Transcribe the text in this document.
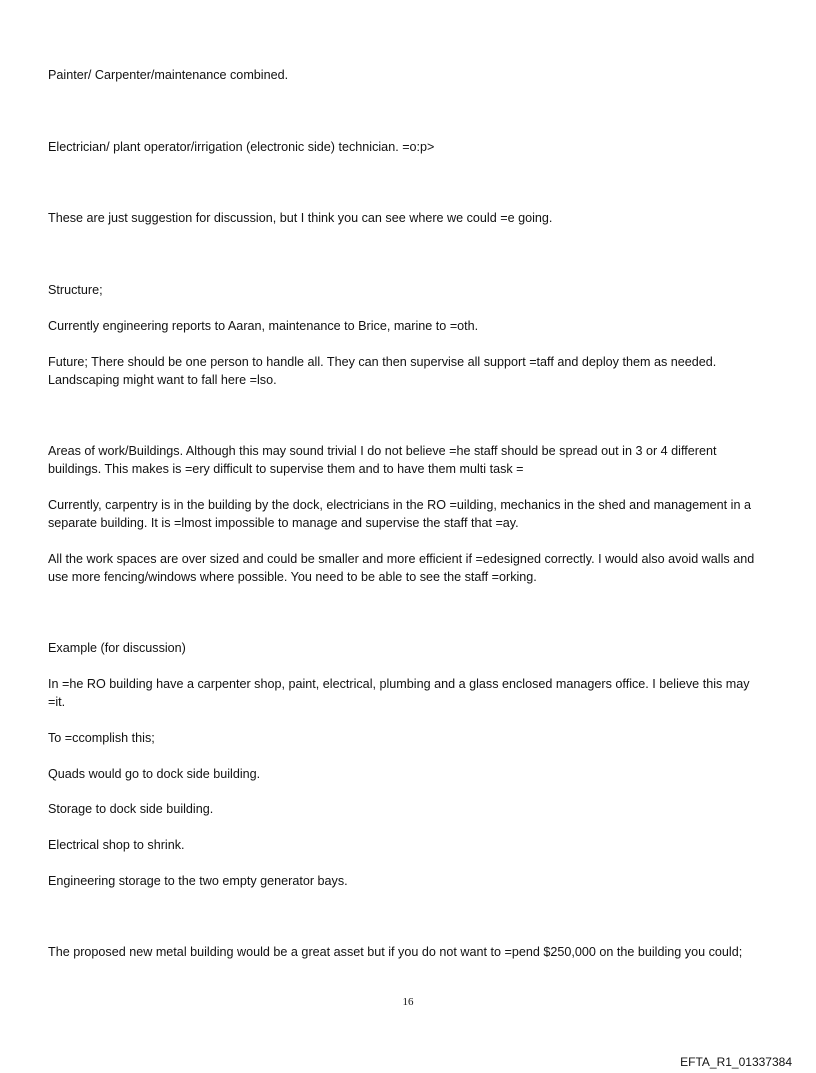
Painter/ Carpenter/maintenance combined.

Electrician/ plant operator/irrigation (electronic side) technician. =o:p>

These are just suggestion for discussion, but I think you can see where we could =e going.

Structure;

Currently engineering reports to Aaran, maintenance to Brice, marine to =oth.

Future; There should be one person to handle all. They can then supervise all support =taff and deploy them as needed. Landscaping might want to fall here =lso.

Areas of work/Buildings. Although this may sound trivial I do not believe =he staff should be spread out in 3 or 4 different buildings. This makes is =ery difficult to supervise them and to have them multi task =

Currently, carpentry is in the building by the dock, electricians in the RO =uilding, mechanics in the shed and management in a separate building. It is =lmost impossible to manage and supervise the staff that =ay.

All the work spaces are over sized and could be smaller and more efficient if =edesigned correctly. I would also avoid walls and use more fencing/windows where possible. You need to be able to see the staff =orking.

Example (for discussion)

In =he RO building have a carpenter shop, paint, electrical, plumbing and a glass enclosed managers office. I believe this may =it.

To =ccomplish this;

Quads would go to dock side building.

Storage to dock side building.

Electrical shop to shrink.

Engineering storage to the two empty generator bays.

The proposed new metal building would be a great asset but if you do not want to =pend $250,000 on the building you could;

16
EFTA_R1_01337384
